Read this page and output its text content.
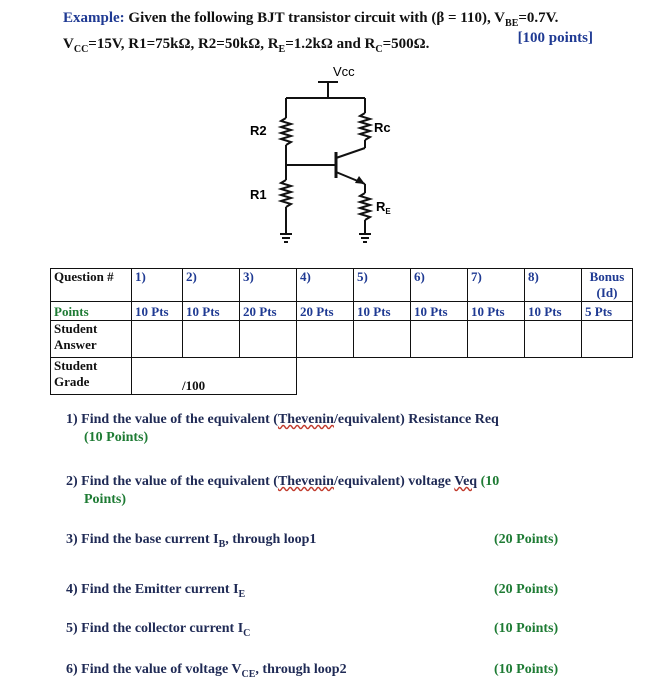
Example: Given the following BJT transistor circuit with (β = 110), $V_{BE}=0.7V$.
$V_{CC}=15V$, R1=75kΩ, R2=50kΩ, $R_E=1.2k\Omega$ and $R_C=500\Omega$.	[100 points]
Vcc
R2
R1
Rc
$R_E$
Question #	1)	2)	3)	4)	5)	6)	7)	8)	Bonus (Id)
Points	10 Pts	10 Pts	20 Pts	20 Pts	10 Pts	10 Pts	10 Pts	10 Pts	5 Pts
Student Answer									
Student Grade	/100								
1) Find the value of the equivalent (Thevenin/equivalent) Resistance Req
(10 Points)
2) Find the value of the equivalent (Thevenin/equivalent) voltage Veq (10
Points)
3) Find the base current $I_B$, through loop1	(20 Points)
4) Find the Emitter current $I_E$	(20 Points)
5) Find the collector current $I_C$	(10 Points)
6) Find the value of voltage $V_{CE}$, through loop2	(10 Points)
